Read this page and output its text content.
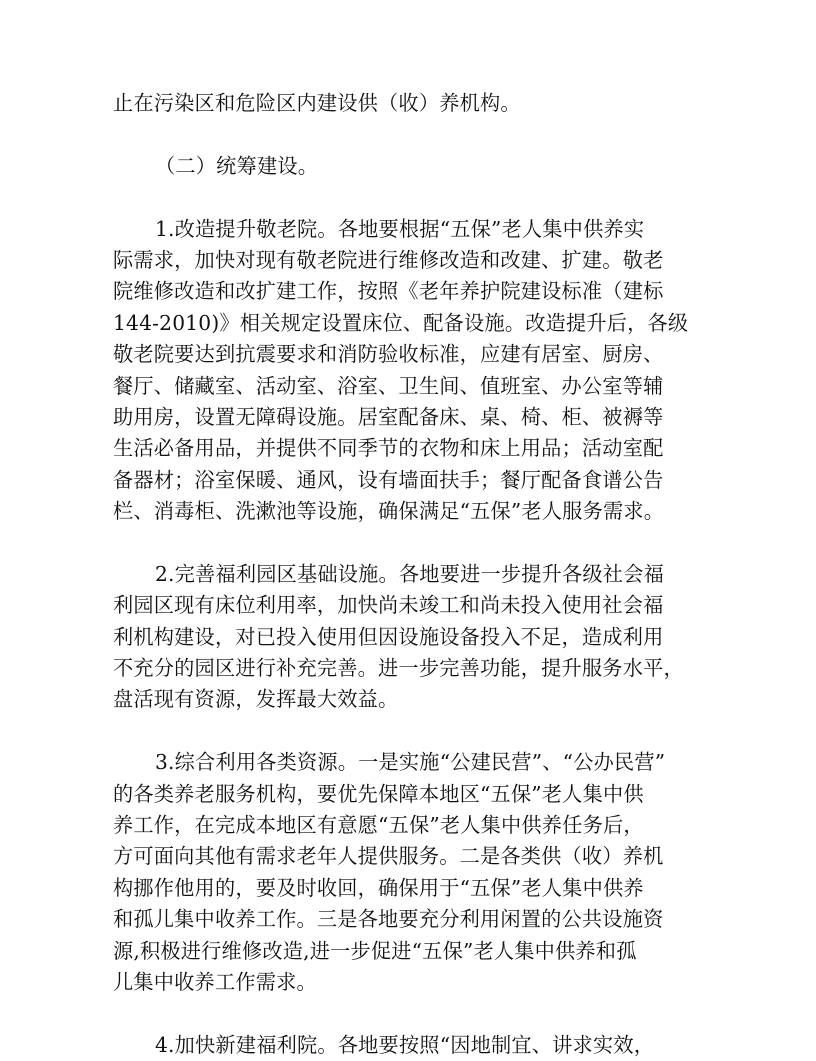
止在污染区和危险区内建设供（收）养机构。
（二）统筹建设。
1.改造提升敬老院。各地要根据“五保”老人集中供养实
际需求，加快对现有敬老院进行维修改造和改建、扩建。敬老
院维修改造和改扩建工作，按照《老年养护院建设标准（建标
144-2010)》相关规定设置床位、配备设施。改造提升后，各级
敬老院要达到抗震要求和消防验收标准，应建有居室、厨房、
餐厅、储藏室、活动室、浴室、卫生间、值班室、办公室等辅
助用房，设置无障碍设施。居室配备床、桌、椅、柜、被褥等
生活必备用品，并提供不同季节的衣物和床上用品；活动室配
备器材；浴室保暖、通风，设有墙面扶手；餐厅配备食谱公告
栏、消毒柜、洗漱池等设施，确保满足“五保”老人服务需求。
2.完善福利园区基础设施。各地要进一步提升各级社会福
利园区现有床位利用率，加快尚未竣工和尚未投入使用社会福
利机构建设，对已投入使用但因设施设备投入不足，造成利用
不充分的园区进行补充完善。进一步完善功能，提升服务水平，
盘活现有资源，发挥最大效益。
3.综合利用各类资源。一是实施“公建民营”、“公办民营”
的各类养老服务机构，要优先保障本地区“五保”老人集中供
养工作，在完成本地区有意愿“五保”老人集中供养任务后，
方可面向其他有需求老年人提供服务。二是各类供（收）养机
构挪作他用的，要及时收回，确保用于“五保”老人集中供养
和孤儿集中收养工作。三是各地要充分利用闲置的公共设施资
源,积极进行维修改造,进一步促进“五保”老人集中供养和孤
儿集中收养工作需求。
4.加快新建福利院。各地要按照“因地制宜、讲求实效，
